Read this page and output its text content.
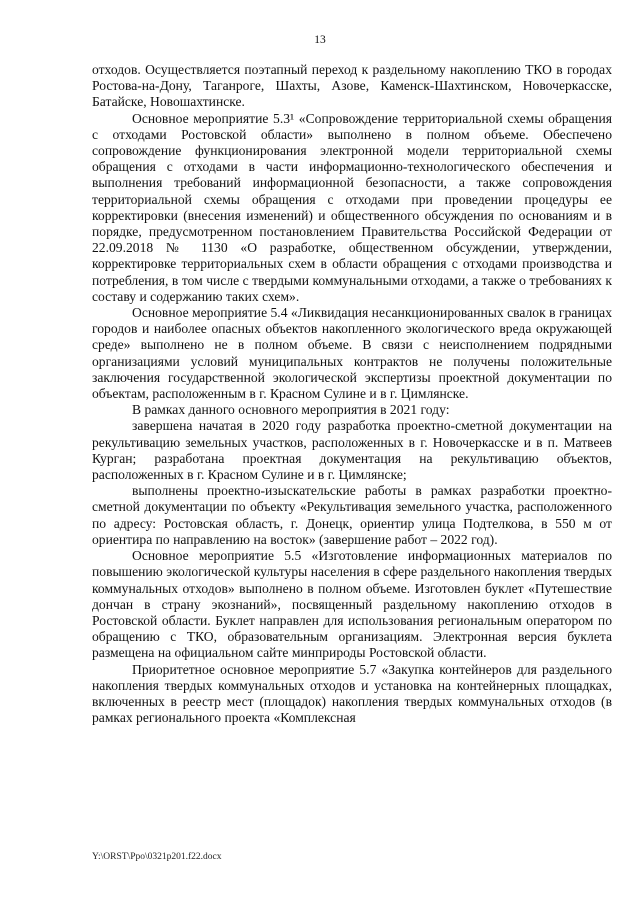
13

отходов. Осуществляется поэтапный переход к раздельному накоплению ТКО в городах Ростова-на-Дону, Таганроге, Шахты, Азове, Каменск-Шахтинском, Новочеркасске, Батайске, Новошахтинске.

Основное мероприятие 5.3¹ «Сопровождение территориальной схемы обращения с отходами Ростовской области» выполнено в полном объеме. Обеспечено сопровождение функционирования электронной модели территориальной схемы обращения с отходами в части информационно-технологического обеспечения и выполнения требований информационной безопасности, а также сопровождения территориальной схемы обращения с отходами при проведении процедуры ее корректировки (внесения изменений) и общественного обсуждения по основаниям и в порядке, предусмотренном постановлением Правительства Российской Федерации от 22.09.2018 № 1130 «О разработке, общественном обсуждении, утверждении, корректировке территориальных схем в области обращения с отходами производства и потребления, в том числе с твердыми коммунальными отходами, а также о требованиях к составу и содержанию таких схем».

Основное мероприятие 5.4 «Ликвидация несанкционированных свалок в границах городов и наиболее опасных объектов накопленного экологического вреда окружающей среде» выполнено не в полном объеме. В связи с неисполнением подрядными организациями условий муниципальных контрактов не получены положительные заключения государственной экологической экспертизы проектной документации по объектам, расположенным в г. Красном Сулине и в г. Цимлянске.

В рамках данного основного мероприятия в 2021 году:

завершена начатая в 2020 году разработка проектно-сметной документации на рекультивацию земельных участков, расположенных в г. Новочеркасске и в п. Матвеев Курган; разработана проектная документация на рекультивацию объектов, расположенных в г. Красном Сулине и в г. Цимлянске;

выполнены проектно-изыскательские работы в рамках разработки проектно-сметной документации по объекту «Рекультивация земельного участка, расположенного по адресу: Ростовская область, г. Донецк, ориентир улица Подтелкова, в 550 м от ориентира по направлению на восток» (завершение работ – 2022 год).

Основное мероприятие 5.5 «Изготовление информационных материалов по повышению экологической культуры населения в сфере раздельного накопления твердых коммунальных отходов» выполнено в полном объеме. Изготовлен буклет «Путешествие дончан в страну экознаний», посвященный раздельному накоплению отходов в Ростовской области. Буклет направлен для использования региональным оператором по обращению с ТКО, образовательным организациям. Электронная версия буклета размещена на официальном сайте минприроды Ростовской области.

Приоритетное основное мероприятие 5.7 «Закупка контейнеров для раздельного накопления твердых коммунальных отходов и установка на контейнерных площадках, включенных в реестр мест (площадок) накопления твердых коммунальных отходов (в рамках регионального проекта «Комплексная

Y:\ORST\Ppo\0321p201.f22.docx
